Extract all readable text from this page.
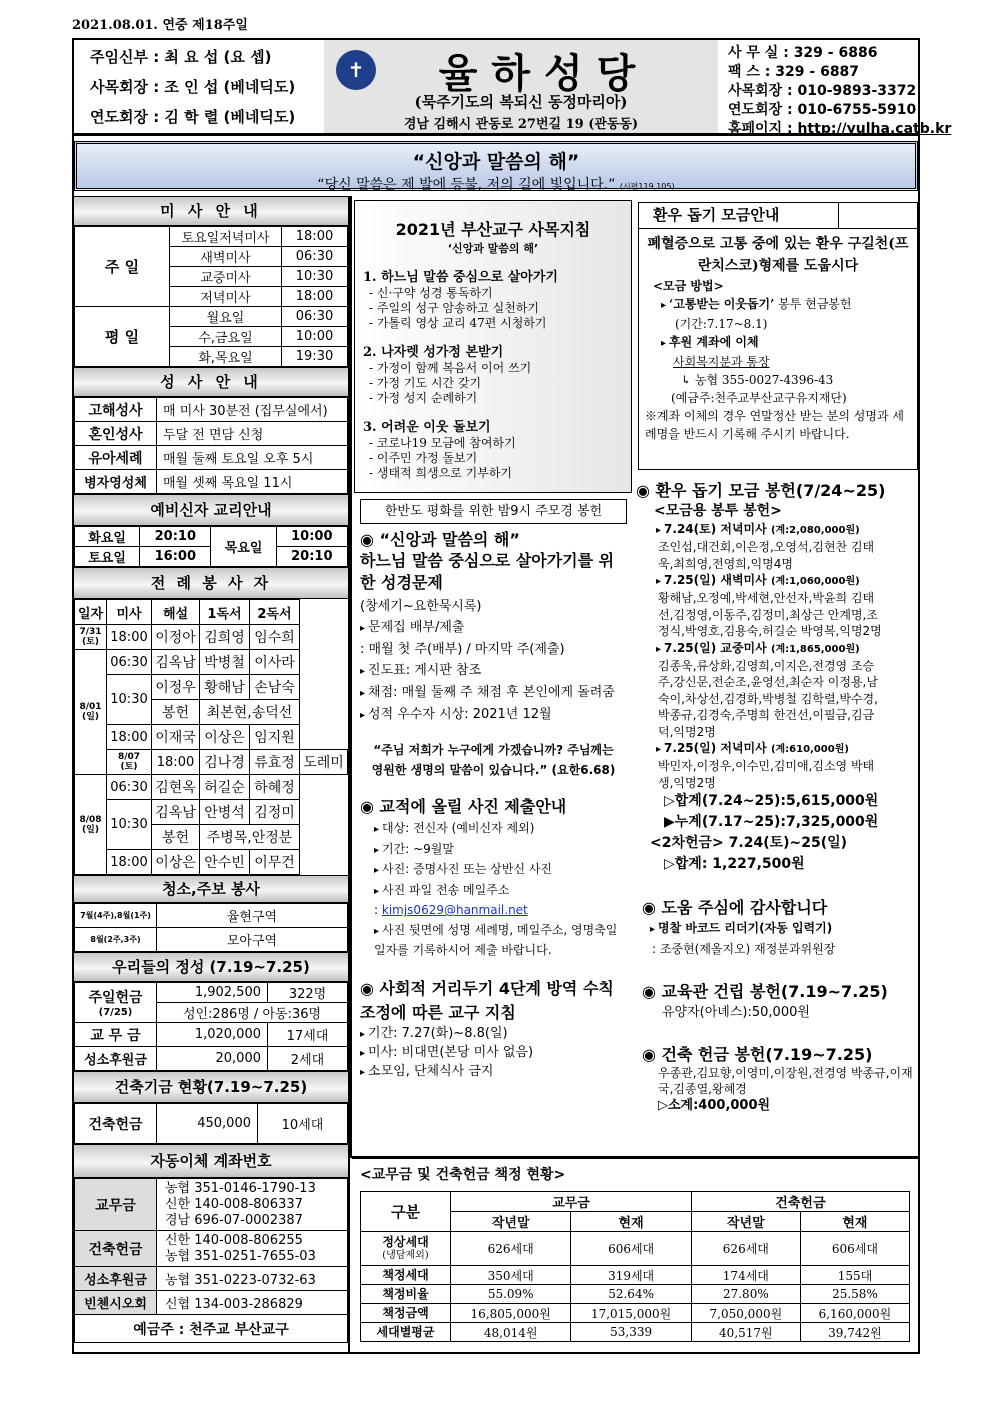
2021.08.01. 연중 제18주일
주임신부 : 최 요 섭 (요 셉)
사목회장 : 조 인 섭 (베네딕도)
연도회장 : 김 학 렬 (베네딕도)
✝	율하성당
(묵주기도의 복되신 동정마리아)
경남 김해시 관동로 27번길 19 (관동동)
사 무 실 : 329 - 6886
팩 스 : 329 - 6887
사목회장 : 010-9893-3372
연도회장 : 010-6755-5910
홈페이지 : http://yulha.catb.kr
“신앙과 말씀의 해”
“당신 말씀은 제 발에 등불, 저의 길에 빛입니다.” (시편119,105)
미 사 안 내
주 일	토요일저녁미사	18:00
	새벽미사	06:30
	교중미사	10:30
	저녁미사	18:00
평 일	월요일	06:30
	수,금요일	10:00
	화,목요일	19:30
성 사 안 내
고해성사	매 미사 30분전 (집무실에서)
혼인성사	두달 전 면담 신청
유아세례	매월 둘째 토요일 오후 5시
병자영성체	매월 셋째 목요일 11시
예비신자 교리안내
화요일	20:10	목요일	10:00
토요일	16:00		20:10
전 례 봉 사 자
일자	미사	해설	1독서	2독서	

7/31
(토)	18:00	이정아	김희영	임수희	

8/01
(일)	06:30	김옥남	박병철	이사라	
	10:30	이정우	황해남	손남숙	
		봉헌	최본현,송덕선		
	18:00	이재국	이상은	임지원	

	8/07
(토)	18:00	김나경	류효정	도레미

8/08
(일)	06:30	김현옥	허길순	하혜정	
	10:30	김옥남	안병석	김정미	
		봉헌	주병목,안정분		
	18:00	이상은	안수빈	이무건	
청소,주보 봉사
7월(4주),8월(1주)	율현구역
8월(2주,3주)	모아구역
우리들의 정성 (7.19~7.25)
주일헌금
(7/25)	1,902,500	322명
	성인:286명 / 아동:36명	
교 무 금	1,020,000	17세대
성소후원금	20,000	2세대
건축기금 현황(7.19~7.25)
건축헌금	450,000	10세대
자동이체 계좌번호
교무금	농협 351-0146-1790-13
신한 140-008-806337
경남 696-07-0002387

건축헌금	신한 140-008-806255
농협 351-0251-7655-03

성소후원금	농협 351-0223-0732-63
빈첸시오회	신협 134-003-286829
예금주 : 천주교 부산교구	
2021년 부산교구 사목지침
‘신앙과 말씀의 해’
1. 하느님 말씀 중심으로 살아가기
- 신·구약 성경 통독하기
- 주일의 성구 암송하고 실천하기
- 가톨릭 영상 교리 47편 시청하기
2. 나자렛 성가정 본받기
- 가정이 함께 복음서 이어 쓰기
- 가정 기도 시간 갖기
- 가정 성지 순례하기
3. 어려운 이웃 돌보기
- 코로나19 모금에 참여하기
- 이주민 가정 돌보기
- 생태적 희생으로 기부하기
한반도 평화를 위한 밤9시 주모경 봉헌
◉ “신앙과 말씀의 해”
하느님 말씀 중심으로 살아가기를 위한 성경문제
(창세기~요한묵시록)
▸ 문제집 배부/제출
: 매월 첫 주(배부) / 마지막 주(제출)
▸ 진도표: 게시판 참조
▸ 채점: 매월 둘째 주 채점 후 본인에게 돌려줌
▸ 성적 우수자 시상: 2021년 12월
“주님 저희가 누구에게 가겠습니까? 주님께는 영원한 생명의 말씀이 있습니다.” (요한6.68)
◉ 교적에 올릴 사진 제출안내
▸ 대상: 전신자 (예비신자 제외)
▸ 기간: ~9월말
▸ 사진: 증명사진 또는 상반신 사진
▸ 사진 파일 전송 메일주소
: kimjs0629@hanmail.net
▸ 사진 뒷면에 성명 세례명, 메일주소, 영명축일 일자를 기록하시어 제출 바랍니다.
◉ 사회적 거리두기 4단계 방역 수칙 조정에 따른 교구 지침
▸ 기간: 7.27(화)~8.8(일)
▸ 미사: 비대면(본당 미사 없음)
▸ 소모임, 단체식사 금지
환우 돕기 모금안내
폐혈증으로 고통 중에 있는 환우 구길천(프란치스코)형제를 도웁시다
<모금 방법>
▸ ‘고통받는 이웃돕기’ 봉투 현금봉헌
(기간:7.17~8.1)
▸ 후원 계좌에 이체
사회복지분과 통장
↳ 농협 355-0027-4396-43
(예금주:천주교부산교구유지재단)
※계좌 이체의 경우 연말정산 받는 분의 성명과 세례명을 반드시 기록해 주시기 바랍니다.
◉ 환우 돕기 모금 봉헌(7/24~25)
<모금용 봉투 봉헌>
▸ 7.24(토) 저녁미사 (계:2,080,000원)
조인섭,대건회,이은정,오영석,김현찬 김태욱,최희영,전영희,익명4명
▸ 7.25(일) 새벽미사 (계:1,060,000원)
황해남,오정예,박세현,안선자,박윤희 김태선,김정영,이동주,김정미,최상근 안계명,조정식,박영호,김용숙,허길순 박영복,익명2명
▸ 7.25(일) 교중미사 (계:1,865,000원)
김종욱,류상화,김영희,이지은,전경영 조승주,강신문,전순조,윤영선,최순자 이정용,남숙이,차상선,김경화,박병철 김학렬,박수경,박종규,김경숙,주명희 한건선,이필금,김금덕,익명2명
▸ 7.25(일) 저녁미사 (계:610,000원)
박민자,이정우,이수민,김미애,김소영 박태생,익명2명
▷합계(7.24~25):5,615,000원
▶누계(7.17~25):7,325,000원
<2차헌금> 7.24(토)~25(일)
▷합계: 1,227,500원
◉ 도움 주심에 감사합니다
▸ 명찰 바코드 리더기(자동 입력기)
: 조중현(제올지오) 재정분과위원장
◉ 교육관 건립 봉헌(7.19~7.25)
유양자(아녜스):50,000원
◉ 건축 헌금 봉헌(7.19~7.25)
우종관,김묘향,이영미,이장원,전경영 박종규,이재국,김종열,왕혜경
▷소계:400,000원
<교무금 및 건축헌금 책정 현황>
구분	교무금		건축헌금	
	작년말	현재	작년말	현재

정상세대
(냉담제외)	626세대	606세대	626세대	606세대

책정세대	350세대	319세대	174세대	155대

책정비율	55.09%	52.64%	27.80%	25.58%

책정금액	16,805,000원	17,015,000원	7,050,000원	6,160,000원

세대별평균	48,014원	53,339	40,517원	39,742원
